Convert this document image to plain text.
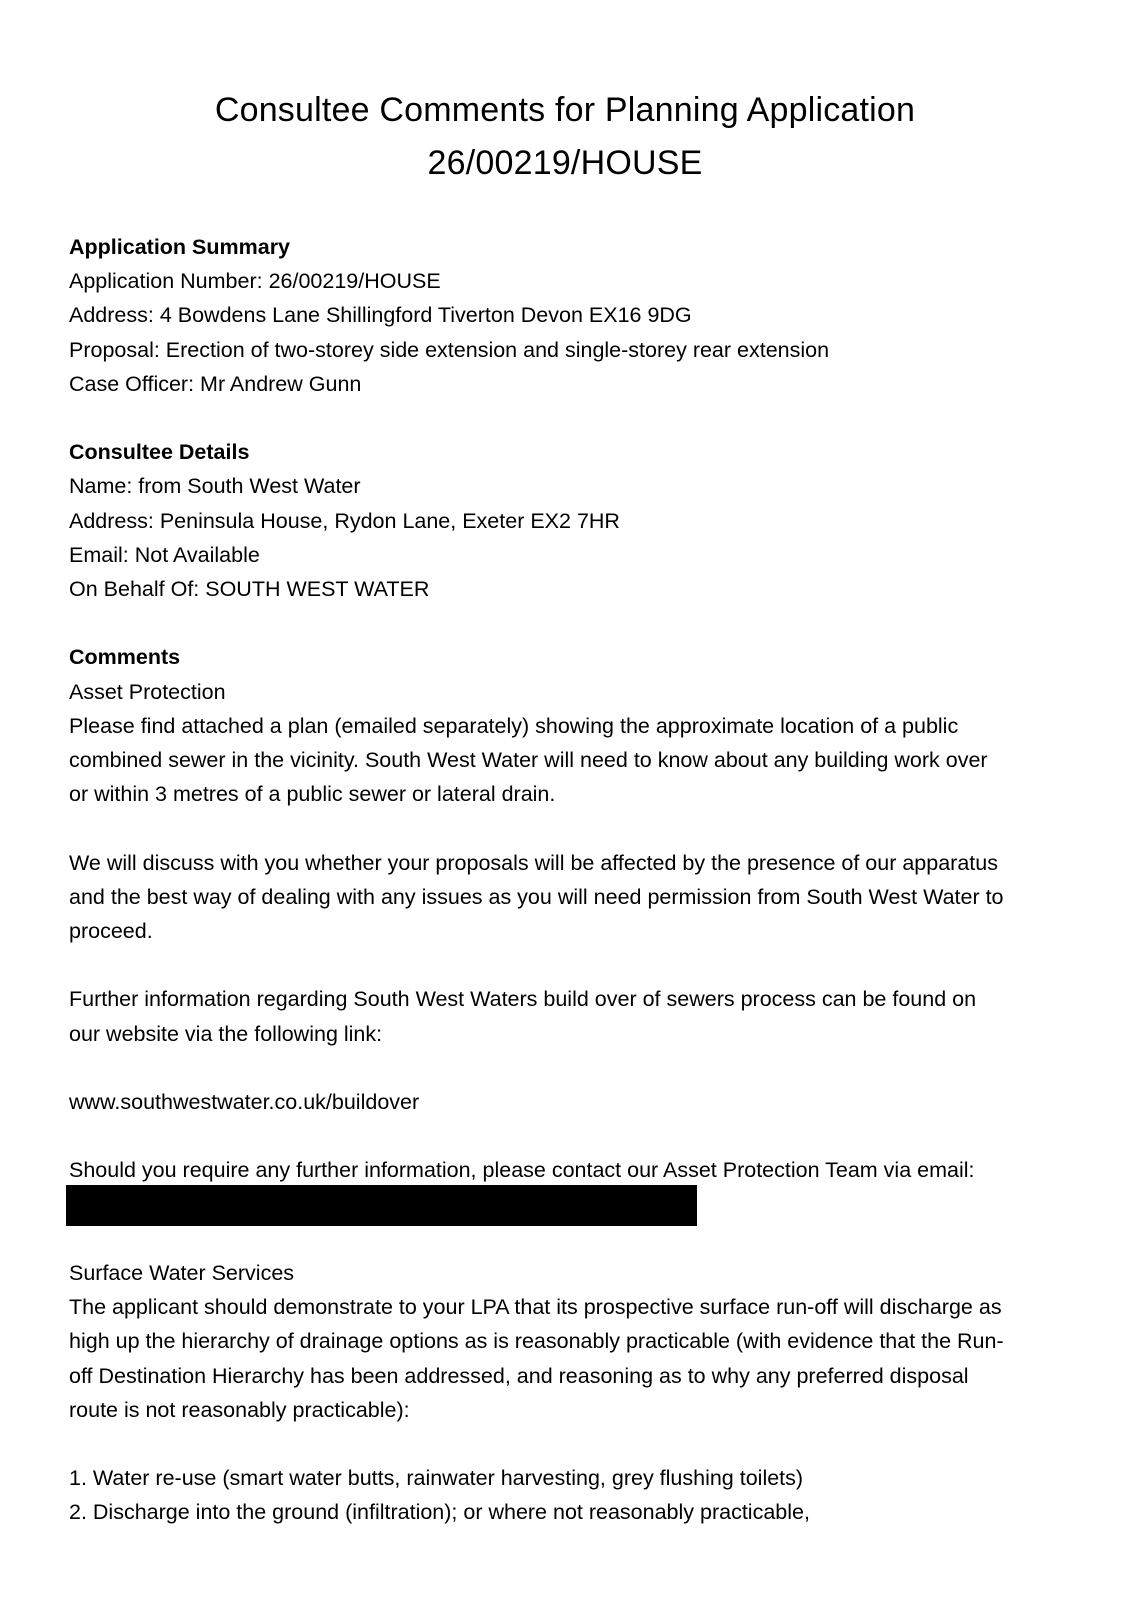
Consultee Comments for Planning Application
26/00219/HOUSE
Application Summary
Application Number: 26/00219/HOUSE
Address: 4 Bowdens Lane Shillingford Tiverton Devon EX16 9DG
Proposal: Erection of two-storey side extension and single-storey rear extension
Case Officer: Mr Andrew Gunn
Consultee Details
Name: from South West Water
Address: Peninsula House, Rydon Lane, Exeter EX2 7HR
Email: Not Available
On Behalf Of: SOUTH WEST WATER
Comments
Asset Protection
Please find attached a plan (emailed separately) showing the approximate location of a public
combined sewer in the vicinity. South West Water will need to know about any building work over
or within 3 metres of a public sewer or lateral drain.
We will discuss with you whether your proposals will be affected by the presence of our apparatus
and the best way of dealing with any issues as you will need permission from South West Water to
proceed.
Further information regarding South West Waters build over of sewers process can be found on
our website via the following link:
www.southwestwater.co.uk/buildover
Should you require any further information, please contact our Asset Protection Team via email:
Surface Water Services
The applicant should demonstrate to your LPA that its prospective surface run-off will discharge as
high up the hierarchy of drainage options as is reasonably practicable (with evidence that the Run-
off Destination Hierarchy has been addressed, and reasoning as to why any preferred disposal
route is not reasonably practicable):
1. Water re-use (smart water butts, rainwater harvesting, grey flushing toilets)
2. Discharge into the ground (infiltration); or where not reasonably practicable,
